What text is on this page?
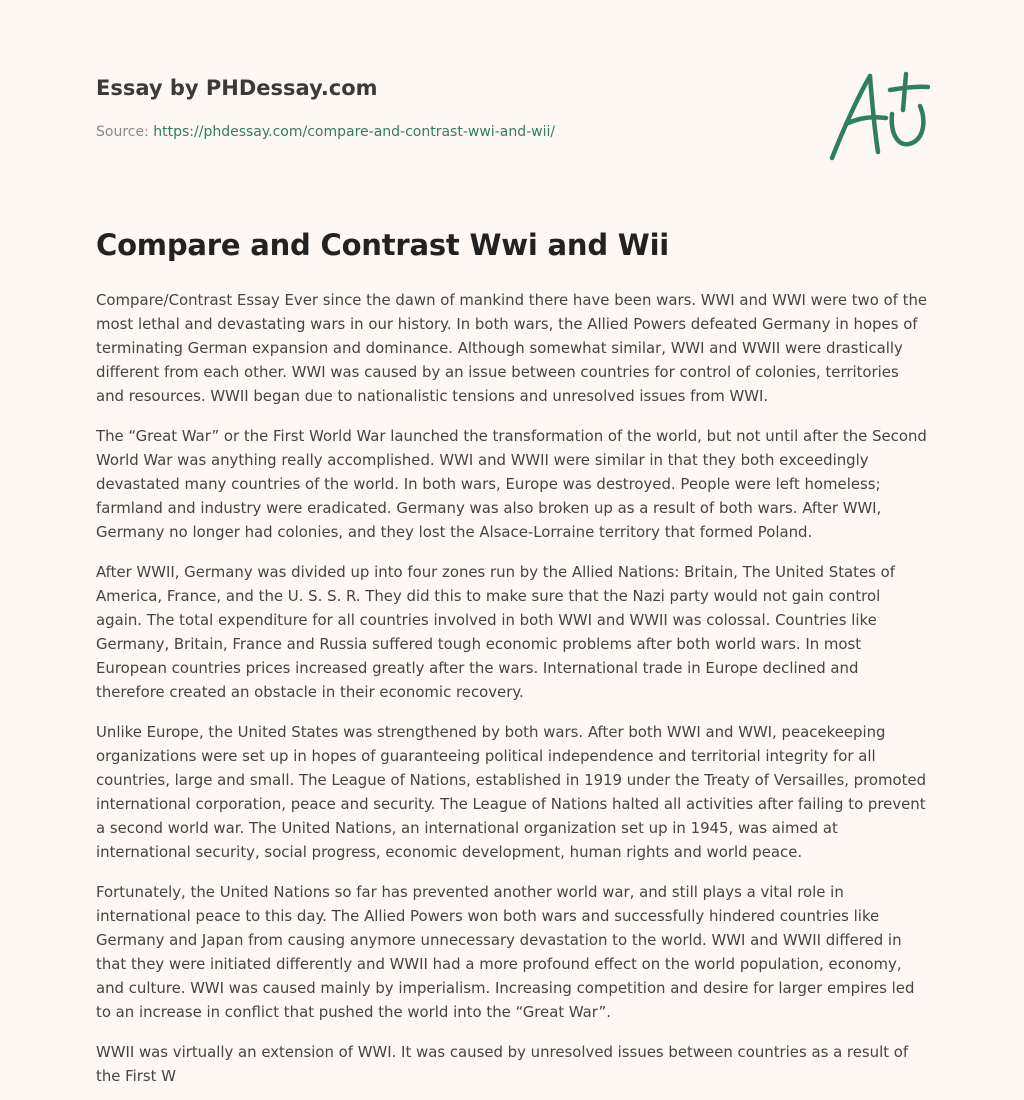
Essay by PHDessay.com
Source: https://phdessay.com/compare-and-contrast-wwi-and-wii/
Compare and Contrast Wwi and Wii

Compare/Contrast Essay Ever since the dawn of mankind there have been wars. WWI and WWI were two of the most lethal and devastating wars in our history. In both wars, the Allied Powers defeated Germany in hopes of terminating German expansion and dominance. Although somewhat similar, WWI and WWII were drastically different from each other. WWI was caused by an issue between countries for control of colonies, territories and resources. WWII began due to nationalistic tensions and unresolved issues from WWI.

The “Great War” or the First World War launched the transformation of the world, but not until after the Second World War was anything really accomplished. WWI and WWII were similar in that they both exceedingly devastated many countries of the world. In both wars, Europe was destroyed. People were left homeless; farmland and industry were eradicated. Germany was also broken up as a result of both wars. After WWI, Germany no longer had colonies, and they lost the Alsace-Lorraine territory that formed Poland.

After WWII, Germany was divided up into four zones run by the Allied Nations: Britain, The United States of America, France, and the U. S. S. R. They did this to make sure that the Nazi party would not gain control again. The total expenditure for all countries involved in both WWI and WWII was colossal. Countries like Germany, Britain, France and Russia suffered tough economic problems after both world wars. In most European countries prices increased greatly after the wars. International trade in Europe declined and therefore created an obstacle in their economic recovery.

Unlike Europe, the United States was strengthened by both wars. After both WWI and WWI, peacekeeping organizations were set up in hopes of guaranteeing political independence and territorial integrity for all countries, large and small. The League of Nations, established in 1919 under the Treaty of Versailles, promoted international corporation, peace and security. The League of Nations halted all activities after failing to prevent a second world war. The United Nations, an international organization set up in 1945, was aimed at international security, social progress, economic development, human rights and world peace.

Fortunately, the United Nations so far has prevented another world war, and still plays a vital role in international peace to this day. The Allied Powers won both wars and successfully hindered countries like Germany and Japan from causing anymore unnecessary devastation to the world. WWI and WWII differed in that they were initiated differently and WWII had a more profound effect on the world population, economy, and culture. WWI was caused mainly by imperialism. Increasing competition and desire for larger empires led to an increase in conflict that pushed the world into the “Great War”.

WWII was virtually an extension of WWI. It was caused by unresolved issues between countries as a result of the First W
